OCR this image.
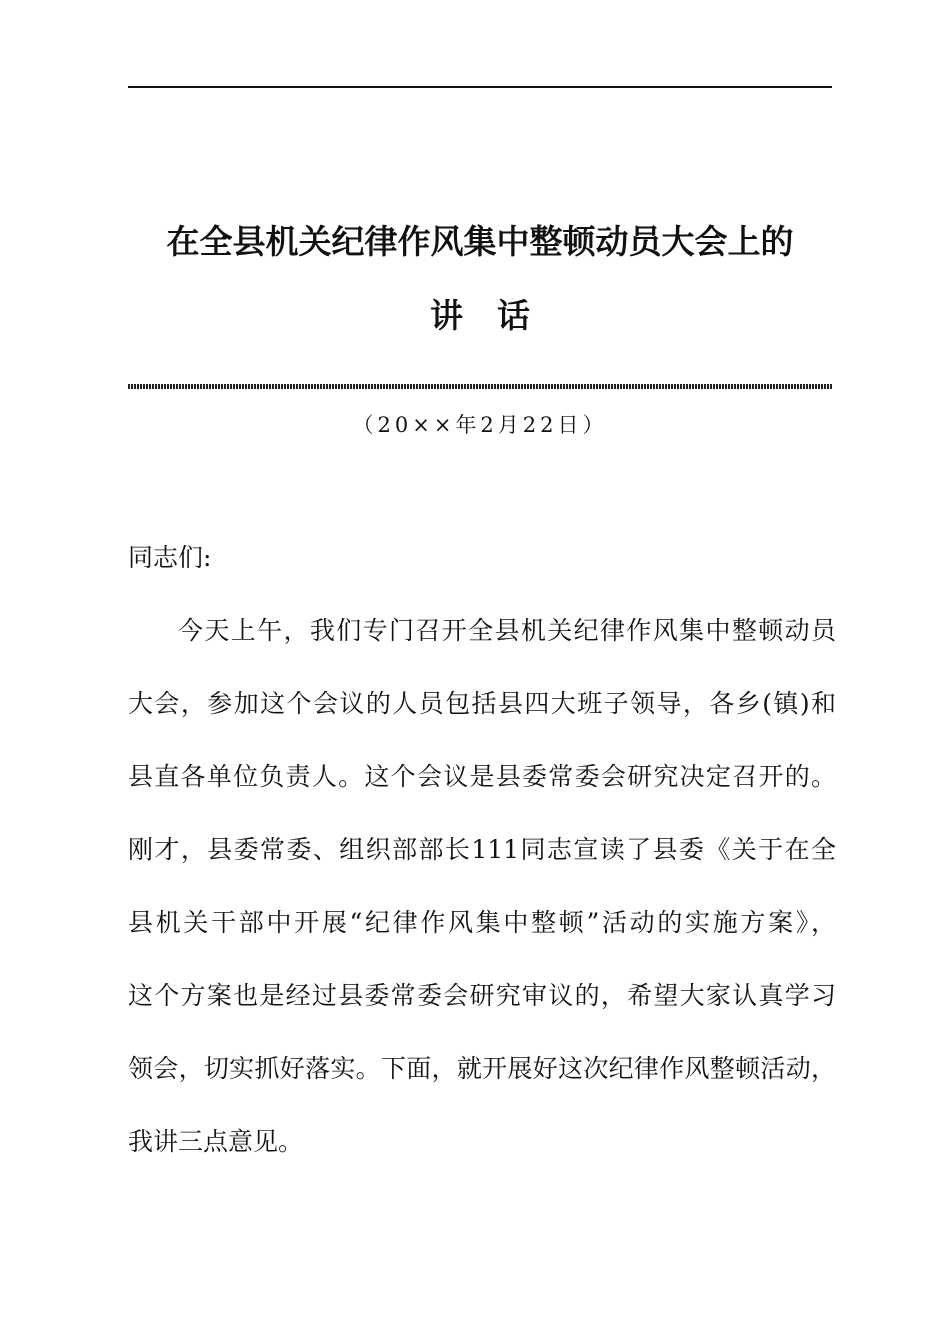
在全县机关纪律作风集中整顿动员大会上的
讲话

（20××年2月22日）

同志们:

今天上午，我们专门召开全县机关纪律作风集中整顿动员
大会，参加这个会议的人员包括县四大班子领导，各乡(镇)和
县直各单位负责人。这个会议是县委常委会研究决定召开的。
刚才，县委常委、组织部部长111同志宣读了县委《关于在全
县机关干部中开展“纪律作风集中整顿”活动的实施方案》，
这个方案也是经过县委常委会研究审议的，希望大家认真学习
领会，切实抓好落实。下面，就开展好这次纪律作风整顿活动，
我讲三点意见。
